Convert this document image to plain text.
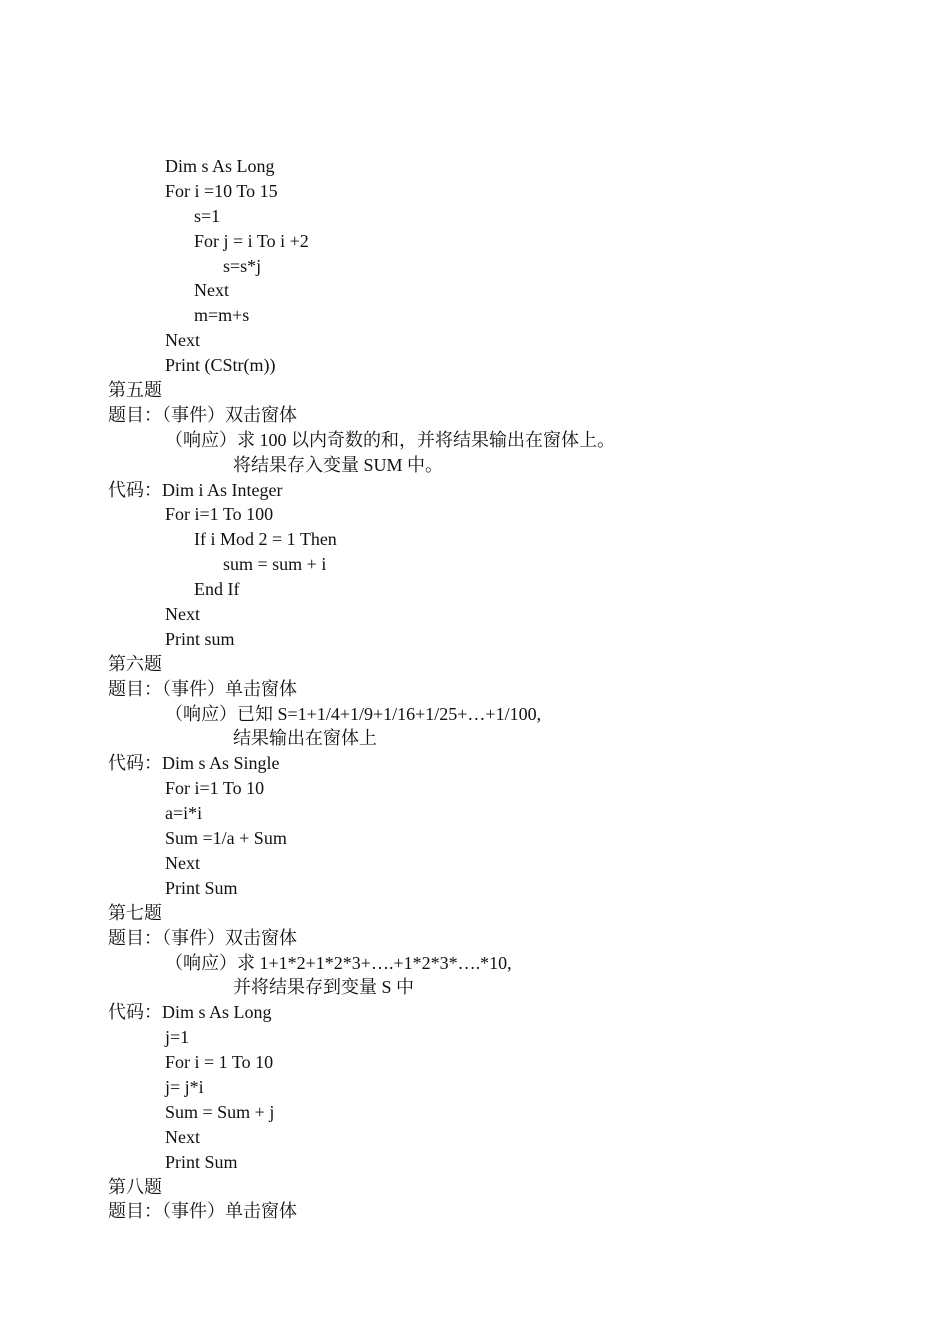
Dim s As Long
For i =10 To 15
s=1
For j = i To i +2
s=s*j
Next
m=m+s
Next
Print (CStr(m))
第五题
题目：（事件）双击窗体
（响应）求 100 以内奇数的和，并将结果输出在窗体上。
将结果存入变量 SUM 中。
代码：Dim i As Integer
For i=1 To 100
If i Mod 2 = 1 Then
sum = sum + i
End If
Next
Print sum
第六题
题目：（事件）单击窗体
（响应）已知 S=1+1/4+1/9+1/16+1/25+…+1/100,
结果输出在窗体上
代码：Dim s As Single
For i=1 To 10
a=i*i
Sum =1/a + Sum
Next
Print Sum
第七题
题目：（事件）双击窗体
（响应）求 1+1*2+1*2*3+….+1*2*3*….*10,
并将结果存到变量 S 中
代码：Dim s As Long
j=1
For i = 1 To 10
j= j*i
Sum = Sum + j
Next
Print Sum
第八题
题目：（事件）单击窗体
